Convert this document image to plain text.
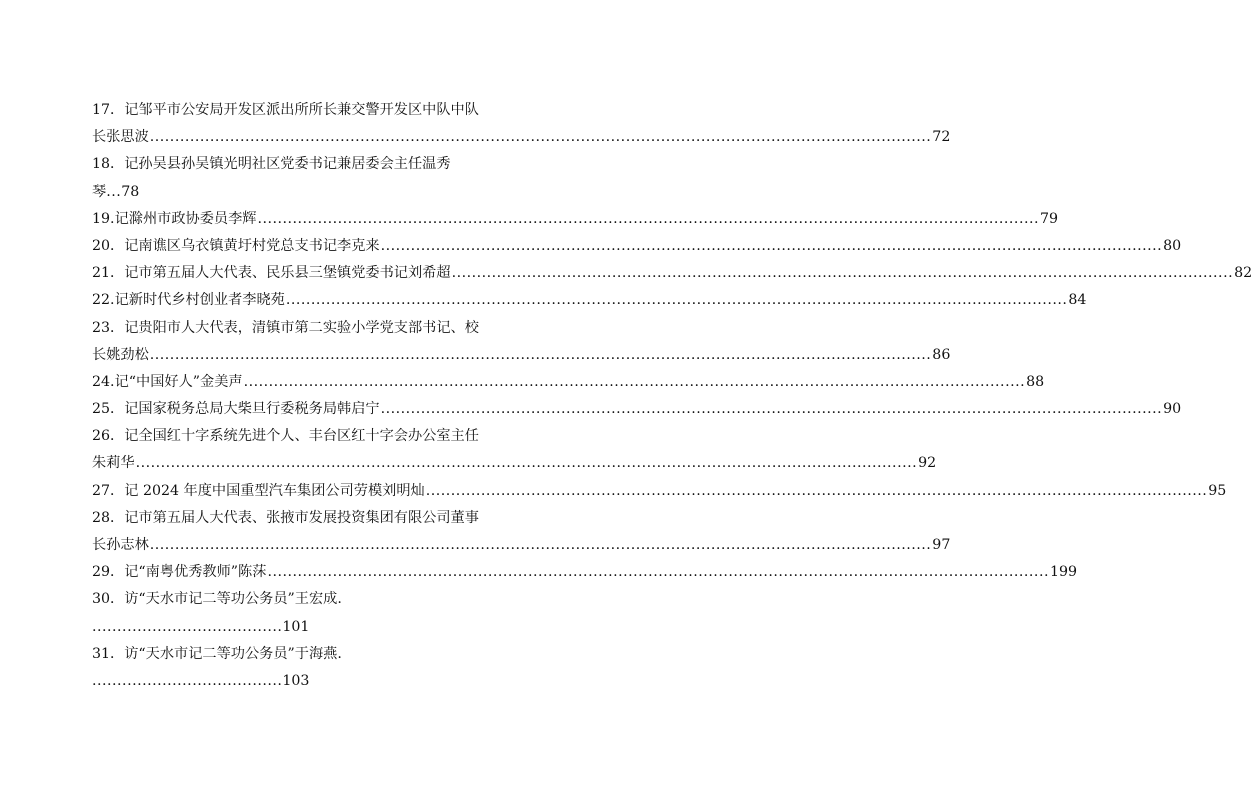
17．记邹平市公安局开发区派出所所长兼交警开发区中队中队
长张思波 ............................................................................................................................................................ 72
18．记孙吴县孙吴镇光明社区党委书记兼居委会主任温秀
琴...78
19.记滁州市政协委员李辉 ............................................................................................................................................................ 79
20．记南谯区乌衣镇黄圩村党总支书记李克来 ............................................................................................................................................................ 80
21．记市第五届人大代表、民乐县三堡镇党委书记刘希超 ............................................................................................................................................................ 82
22.记新时代乡村创业者李晓苑 ............................................................................................................................................................ 84
23．记贵阳市人大代表，清镇市第二实验小学党支部书记、校
长姚劲松 ............................................................................................................................................................ 86
24.记“中国好人”金美声 ............................................................................................................................................................ 88
25．记国家税务总局大柴旦行委税务局韩启宁 ............................................................................................................................................................ 90
26．记全国红十字系统先进个人、丰台区红十字会办公室主任
朱莉华 ............................................................................................................................................................ 92
27．记 2024 年度中国重型汽车集团公司劳模刘明灿 ............................................................................................................................................................ 95
28．记市第五届人大代表、张掖市发展投资集团有限公司董事
长孙志林 ............................................................................................................................................................ 97
29．记“南粤优秀教师”陈莯 ............................................................................................................................................................ 199
30．访“天水市记二等功公务员”王宏成.
......................................101
31．访“天水市记二等功公务员”于海燕.
......................................103
